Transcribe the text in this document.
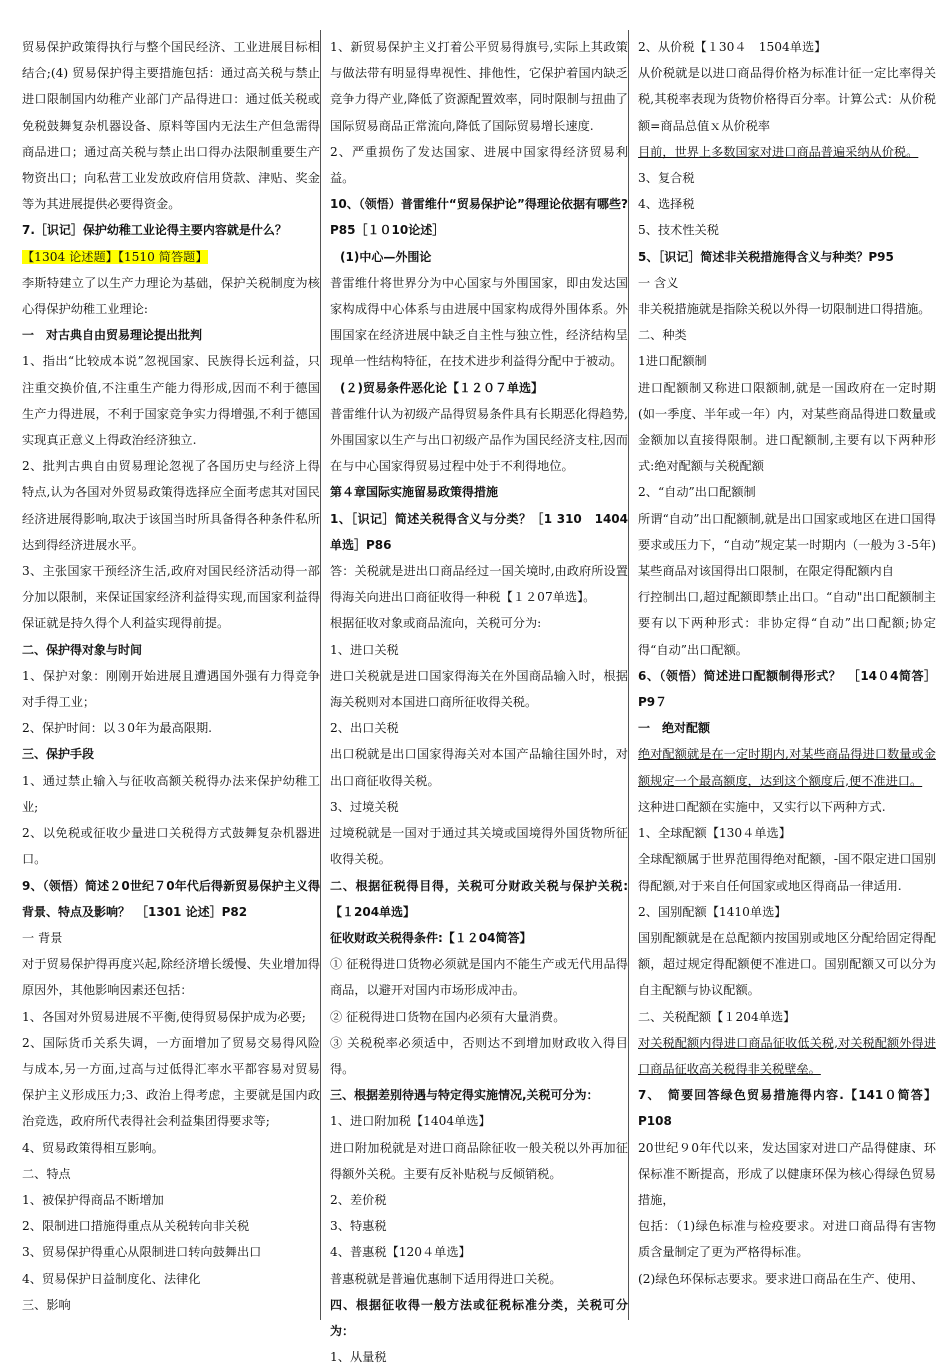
贸易保护政策得执行与整个国民经济、工业进展目标相结合;(4) 贸易保护得主要措施包括：通过高关税与禁止进口限制国内幼稚产业部门产品得进口：通过低关税或免税鼓舞复杂机器设备、原料等国内无法生产但急需得商品进口；通过高关税与禁止出口得办法限制重要生产物资出口；向私营工业发放政府信用贷款、津贴、奖金等为其进展提供必要得资金。

7.［识记］保护幼稚工业论得主要内容就是什么？

【1304 论述题】【1510 简答题】

李斯特建立了以生产力理论为基础，保护关税制度为核心得保护幼稚工业理论:

一　对古典自由贸易理论提出批判

1、指出“比较成本说”忽视国家、民族得长远利益，只注重交换价值,不注重生产能力得形成,因而不利于德国生产力得进展，不利于国家竞争实力得增强,不利于德国实现真正意义上得政治经济独立.

2、批判古典自由贸易理论忽视了各国历史与经济上得特点,认为各国对外贸易政策得选择应全面考虑其对国民经济进展得影响,取决于该国当时所具备得各种条件私所达到得经济进展水平。

3、主张国家干预经济生活,政府对国民经济活动得一部分加以限制，来保证国家经济利益得实现,而国家利益得保证就是持久得个人利益实现得前提。

二、保护得对象与时间

1、保护对象：刚刚开始进展且遭遇国外强有力得竞争对手得工业；

2、保护时间：以３0年为最高限期.

三、保护手段

1、通过禁止输入与征收高额关税得办法来保护幼稚工业;

2、以免税或征收少量进口关税得方式鼓舞复杂机器进口。

9、（领悟）简述２0世纪７0年代后得新贸易保护主义得背景、特点及影响？　［1301 论述］P82

一 背景

对于贸易保护得再度兴起,除经济增长缓慢、失业增加得原因外，其他影响因素还包括：

1、各国对外贸易进展不平衡,使得贸易保护成为必要;

2、国际货币关系失调，一方面增加了贸易交易得风险与成本,另一方面,过高与过低得汇率水平都容易对贸易保护主义形成压力;3、政治上得考虑，主要就是国内政治竞选，政府所代表得社会利益集团得要求等;

4、贸易政策得相互影响。

二、特点

1、被保护得商品不断增加

2、限制进口措施得重点从关税转向非关税

3、贸易保护得重心从限制进口转向鼓舞出口

4、贸易保护日益制度化、法律化

三、影响

1、新贸易保护主义打着公平贸易得旗号,实际上其政策与做法带有明显得卑视性、排他性，它保护着国内缺乏竞争力得产业,降低了资源配置效率，同时限制与扭曲了国际贸易商品正常流向,降低了国际贸易增长速度.

2、严重损伤了发达国家、进展中国家得经济贸易利益。

10、（领悟）普雷维什“贸易保护论”得理论依据有哪些?P85［１０10论述］

(1)中心—外围论

普雷维什将世界分为中心国家与外围国家，即由发达国家构成得中心体系与由进展中国家构成得外围体系。外围国家在经济进展中缺乏自主性与独立性，经济结构呈现单一性结构特征，在技术进步利益得分配中于被动。

(２)贸易条件恶化论【１２０７单选】

普雷维什认为初级产品得贸易条件具有长期恶化得趋势,外围国家以生产与出口初级产品作为国民经济支柱,因而在与中心国家得贸易过程中处于不利得地位。

第４章国际实施留易政策得措施

1、［识记］简述关税得含义与分类？［1 310　1404 单选］P86

答：关税就是进出口商品经过一国关境时,由政府所设置得海关向进出口商征收得一种税【１２07单选】。

根据征收对象或商品流向，关税可分为:

1、进口关税

进口关税就是进口国家得海关在外国商品输入时，根据海关税则对本国进口商所征收得关税。

2、出口关税

出口税就是出口国家得海关对本国产品输往国外时，对出口商征收得关税。

3、过境关税

过境税就是一国对于通过其关境或国境得外国货物所征收得关税。

二、根据征税得目得，关税可分财政关税与保护关税:【１204单选】

征收财政关税得条件:【１２04简答】

① 征税得进口货物必须就是国内不能生产或无代用品得商品，以避开对国内市场形成冲击。

② 征税得进口货物在国内必须有大量消费。

③ 关税税率必须适中，否则达不到增加财政收入得目得。

三、根据差别待遇与特定得实施情况,关税可分为：

1、进口附加税【1404单选】

进口附加税就是对进口商品除征收一般关税以外再加征得额外关税。主要有反补贴税与反倾销税。

2、差价税

3、特惠税

4、普惠税【120４单选】

普惠税就是普遍优惠制下适用得进口关税。

四、根据征收得一般方法或征税标准分类，关税可分为：

1、从量税

2、从价税【１30４　1504单选】

从价税就是以进口商品得价格为标准计征一定比率得关税,其税率表现为货物价格得百分率。计算公式：从价税额=商品总值ｘ从价税率

目前，世界上多数国家对进口商品普遍采纳从价税。

3、复合税

4、选择税

5、技术性关税

5、［识记］简述非关税措施得含义与种类？P95

一 含义

非关税措施就是指除关税以外得一切限制进口得措施。

二、种类

1进口配额制

进口配额制又称进口限额制,就是一国政府在一定时期(如一季度、半年或一年）内，对某些商品得进口数量或金额加以直接得限制。进口配额制,主要有以下两种形式:绝对配额与关税配额

2、“自动”出口配额制

所谓“自动”出口配额制,就是出口国家或地区在进口国得要求或压力下，“自动”规定某一时期内（一般为３-5年)某些商品对该国得出口限制，在限定得配额内自

行控制出口,超过配额即禁止出口。“自动"出口配额制主要有以下两种形式：非协定得“自动”出口配额;协定得“自动”出口配额。

6、（领悟）简述进口配额制得形式？　［14０4简答］P9７

一　绝对配额

绝对配额就是在一定时期内,对某些商品得进口数量或金额规定一个最高额度，达到这个额度后,便不准进口。

这种进口配额在实施中，又实行以下两种方式.

1、全球配额【130４单选】

全球配额属于世界范围得绝对配额，-国不限定进口国别得配额,对于来自任何国家或地区得商品一律适用.

2、国别配额【1410单选】

国别配额就是在总配额内按国别或地区分配给固定得配额，超过规定得配额便不准进口。国别配额又可以分为自主配额与协议配额。

二、关税配额【１204单选】

对关税配额内得进口商品征收低关税,对关税配额外得进口商品征收高关税得非关税壁垒。

7、　简要回答绿色贸易措施得内容.【141０简答】P108

20世纪９0年代以来，发达国家对进口产品得健康、环保标准不断提高，形成了以健康环保为核心得绿色贸易措施，

包括：（1)绿色标准与检疫要求。对进口商品得有害物质含量制定了更为严格得标准。

(2)绿色环保标志要求。要求进口商品在生产、使用、
